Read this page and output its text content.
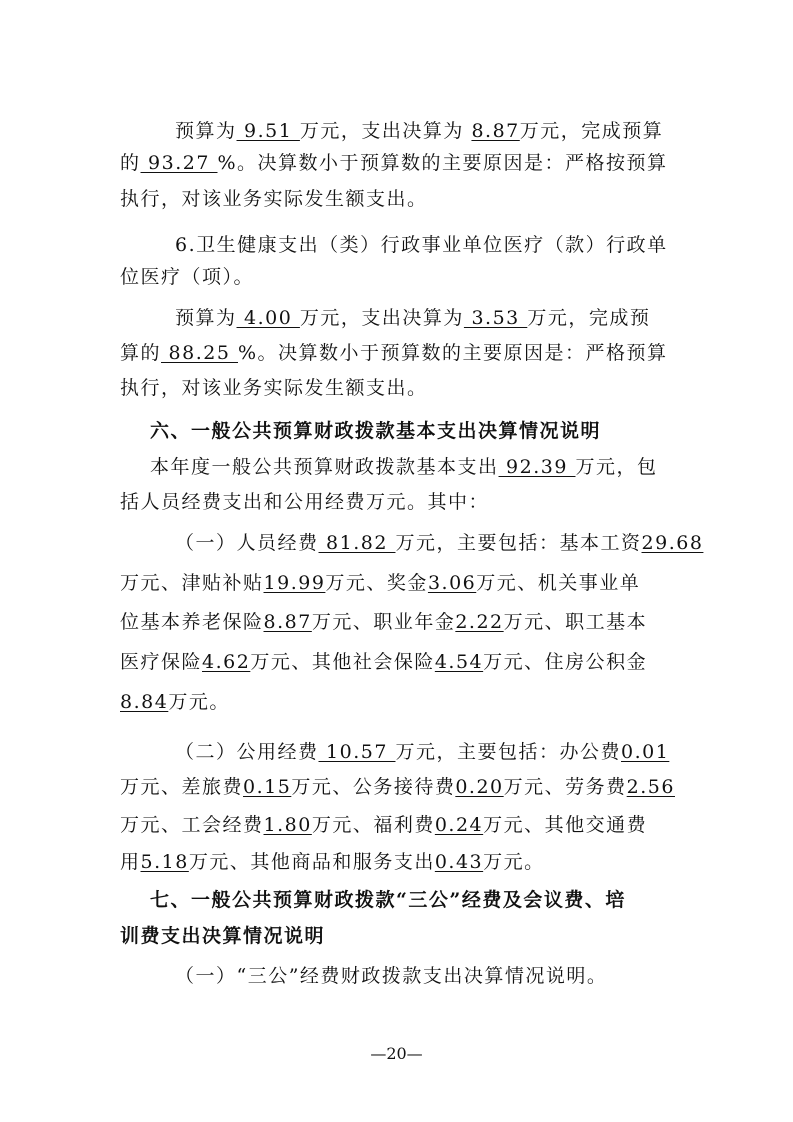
预算为 9.51 万元，支出决算为 8.87万元，完成预算
的 93.27 %。决算数小于预算数的主要原因是：严格按预算
执行，对该业务实际发生额支出。
6.卫生健康支出（类）行政事业单位医疗（款）行政单
位医疗（项）。
预算为 4.00 万元，支出决算为 3.53 万元，完成预
算的 88.25 %。决算数小于预算数的主要原因是：严格预算
执行，对该业务实际发生额支出。
六、一般公共预算财政拨款基本支出决算情况说明
本年度一般公共预算财政拨款基本支出 92.39 万元，包
括人员经费支出和公用经费万元。其中：
（一）人员经费 81.82 万元，主要包括：基本工资29.68
万元、津贴补贴19.99万元、奖金3.06万元、机关事业单
位基本养老保险8.87万元、职业年金2.22万元、职工基本
医疗保险4.62万元、其他社会保险4.54万元、住房公积金
8.84万元。
（二）公用经费 10.57 万元，主要包括：办公费0.01
万元、差旅费0.15万元、公务接待费0.20万元、劳务费2.56
万元、工会经费1.80万元、福利费0.24万元、其他交通费
用5.18万元、其他商品和服务支出0.43万元。
七、一般公共预算财政拨款“三公”经费及会议费、培
训费支出决算情况说明
（一）“三公”经费财政拨款支出决算情况说明。
—20—
